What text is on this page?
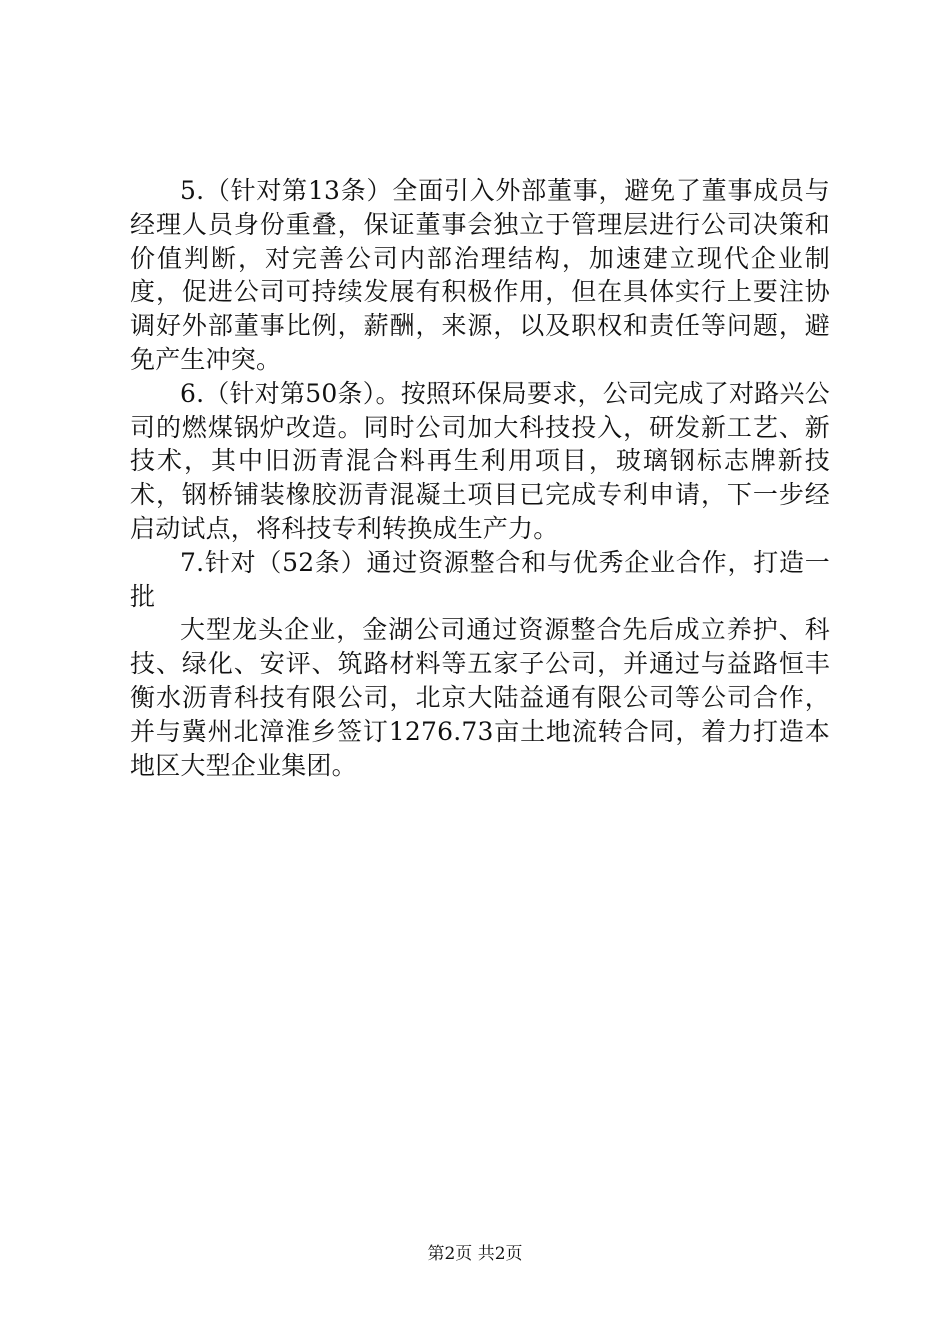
5.（针对第13条）全面引入外部董事，避免了董事成员与经理人员身份重叠，保证董事会独立于管理层进行公司决策和价值判断，对完善公司内部治理结构，加速建立现代企业制度，促进公司可持续发展有积极作用，但在具体实行上要注协调好外部董事比例，薪酬，来源，以及职权和责任等问题，避免产生冲突。

6.（针对第50条）。按照环保局要求，公司完成了对路兴公司的燃煤锅炉改造。同时公司加大科技投入，研发新工艺、新技术，其中旧沥青混合料再生利用项目，玻璃钢标志牌新技术，钢桥铺装橡胶沥青混凝土项目已完成专利申请，下一步经启动试点，将科技专利转换成生产力。

7.针对（52条）通过资源整合和与优秀企业合作，打造一批

大型龙头企业，金湖公司通过资源整合先后成立养护、科技、绿化、安评、筑路材料等五家子公司，并通过与益路恒丰衡水沥青科技有限公司，北京大陆益通有限公司等公司合作，并与冀州北漳淮乡签订1276.73亩土地流转合同，着力打造本地区大型企业集团。

第2页 共2页
